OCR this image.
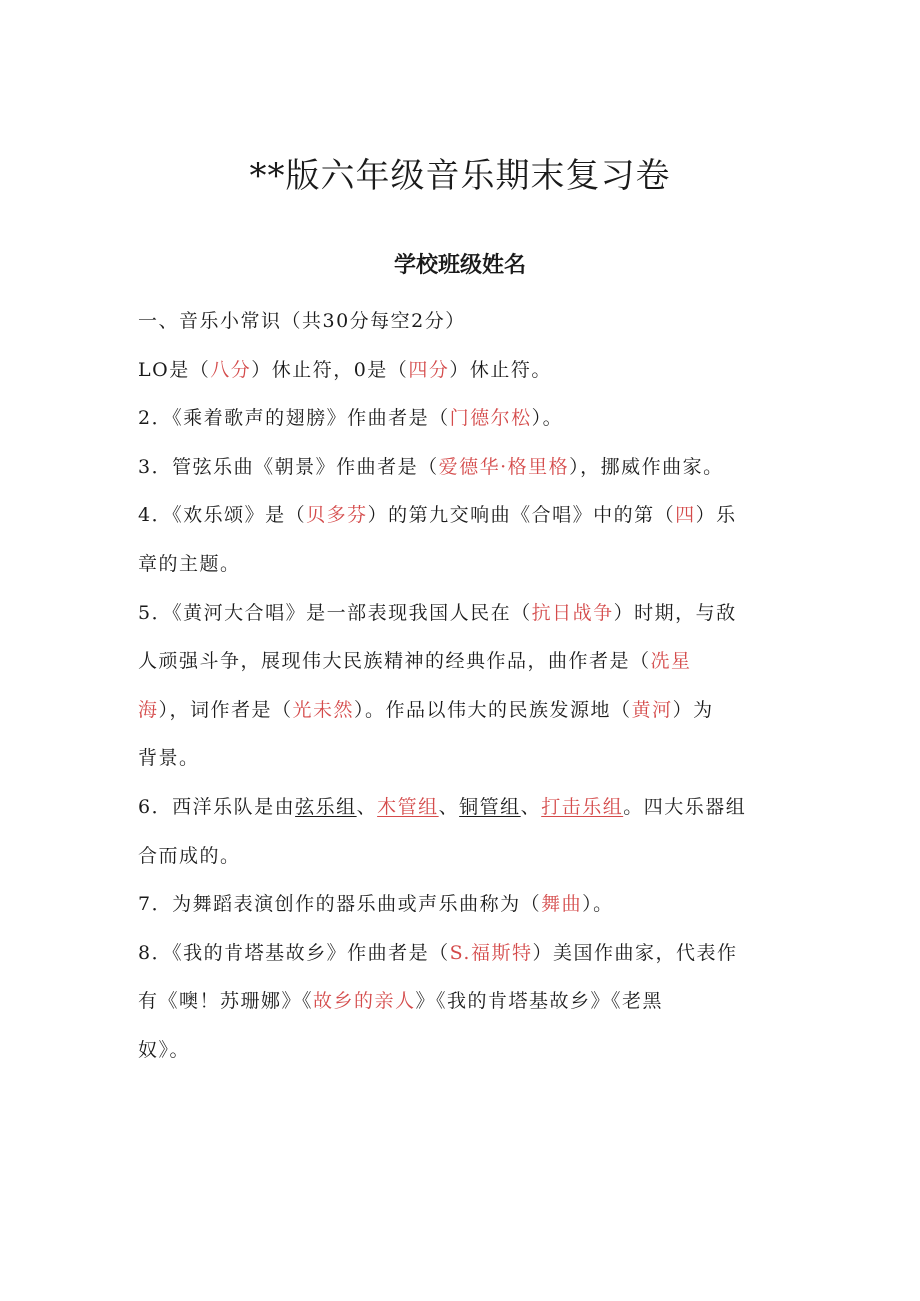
**版六年级音乐期末复习卷
学校班级姓名
一、音乐小常识（共30分每空2分）
LO是（八分）休止符，0是（四分）休止符。
2．《乘着歌声的翅膀》作曲者是（门德尔松）。
3．管弦乐曲《朝景》作曲者是（爱德华·格里格），挪威作曲家。
4．《欢乐颂》是（贝多芬）的第九交响曲《合唱》中的第（四）乐
章的主题。
5．《黄河大合唱》是一部表现我国人民在（抗日战争）时期，与敌
人顽强斗争，展现伟大民族精神的经典作品，曲作者是（冼星
海），词作者是（光未然）。作品以伟大的民族发源地（黄河）为
背景。
6．西洋乐队是由弦乐组、木管组、铜管组、打击乐组。四大乐器组
合而成的。
7．为舞蹈表演创作的器乐曲或声乐曲称为（舞曲）。
8．《我的肯塔基故乡》作曲者是（S.福斯特）美国作曲家，代表作
有《噢！苏珊娜》《故乡的亲人》《我的肯塔基故乡》《老黑
奴》。
